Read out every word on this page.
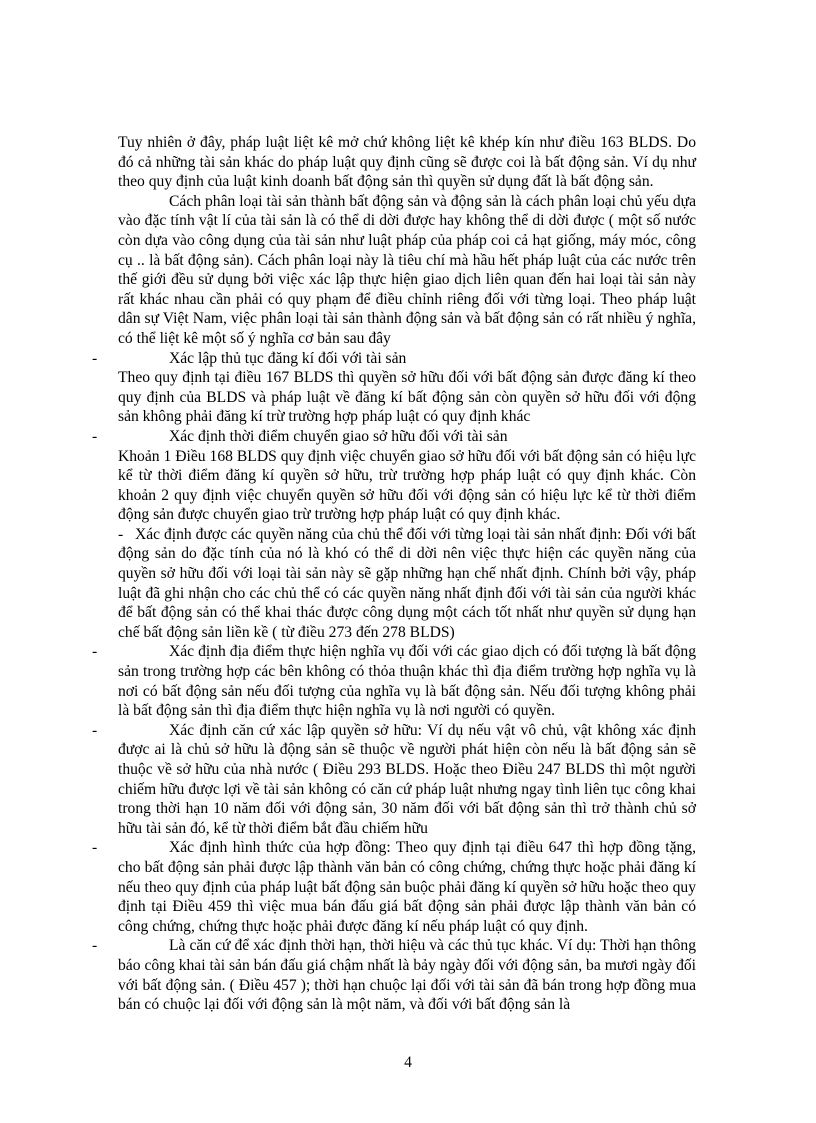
Tuy nhiên ở đây, pháp luật liệt kê mở chứ không liệt kê khép kín như điều 163 BLDS. Do đó cả những tài sản khác do pháp luật quy định cũng sẽ được coi là bất động sản. Ví dụ như theo quy định của luật kinh doanh bất động sản thì quyền sử dụng đất là bất động sản.
Cách phân loại tài sản thành bất động sản và động sản là cách phân loại chủ yếu dựa vào đặc tính vật lí của tài sản là có thể di dời được hay không thể di dời được ( một số nước còn dựa vào công dụng của tài sản như luật pháp của pháp coi cả hạt giống, máy móc, công cụ .. là bất động sản). Cách phân loại này là tiêu chí mà hầu hết pháp luật của các nước trên thế giới đều sử dụng bởi việc xác lập thực hiện giao dịch liên quan đến hai loại tài sản này rất khác nhau cần phải có quy phạm để điều chỉnh riêng đối với từng loại. Theo pháp luật dân sự Việt Nam, việc phân loại tài sản thành động sản và bất động sản có rất nhiều ý nghĩa, có thể liệt kê một số ý nghĩa cơ bản sau đây
-	Xác lập thủ tục đăng kí đối với tài sản
Theo quy định tại điều 167 BLDS thì quyền sở hữu đối với bất động sản được đăng kí theo quy định của BLDS và pháp luật về đăng kí bất động sản còn quyền sở hữu đối với động sản không phải đăng kí trừ trường hợp pháp luật có quy định khác
-	Xác định thời điểm chuyển giao sở hữu đối với tài sản
Khoản 1 Điều 168 BLDS quy định việc chuyển giao sở hữu đối với bất động sản có hiệu lực kể từ thời điểm đăng kí quyền sở hữu, trừ trường hợp pháp luật có quy định khác. Còn khoản 2 quy định việc chuyển quyền sở hữu đối với động sản có hiệu lực kể từ thời điểm động sản được chuyển giao trừ trường hợp pháp luật có quy định khác.
- Xác định được các quyền năng của chủ thể đối với từng loại tài sản nhất định: Đối với bất động sản do đặc tính của nó là khó có thể di dời nên việc thực hiện các quyền năng của quyền sở hữu đối với loại tài sản này sẽ gặp những hạn chế nhất định. Chính bởi vậy, pháp luật đã ghi nhận cho các chủ thể có các quyền năng nhất định đối với tài sản của người khác để bất động sản có thể khai thác được công dụng một cách tốt nhất như quyền sử dụng hạn chế bất động sản liền kề ( từ điều 273 đến 278 BLDS)
-	Xác định địa điểm thực hiện nghĩa vụ đối với các giao dịch có đối tượng là bất động sản trong trường hợp các bên không có thỏa thuận khác thì địa điểm trường hợp nghĩa vụ là nơi có bất động sản nếu đối tượng của nghĩa vụ là bất động sản. Nếu đối tượng không phải là bất động sản thì địa điểm thực hiện nghĩa vụ là nơi người có quyền.
-	Xác định căn cứ xác lập quyền sở hữu: Ví dụ nếu vật vô chủ, vật không xác định được ai là chủ sở hữu là động sản sẽ thuộc về người phát hiện còn nếu là bất động sản sẽ thuộc về sở hữu của nhà nước ( Điều 293 BLDS. Hoặc theo Điều 247 BLDS thì một người chiếm hữu được lợi về tài sản không có căn cứ pháp luật nhưng ngay tình liên tục công khai trong thời hạn 10 năm đối với động sản, 30 năm đối với bất động sản thì trở thành chủ sở hữu tài sản đó, kể từ thời điểm bắt đầu chiếm hữu
-	Xác định hình thức của hợp đồng: Theo quy định tại điều 647 thì hợp đồng tặng, cho bất động sản phải được lập thành văn bản có công chứng, chứng thực hoặc phải đăng kí nếu theo quy định của pháp luật bất động sản buộc phải đăng kí quyền sở hữu hoặc theo quy định tại Điều 459 thì việc mua bán đấu giá bất động sản phải được lập thành văn bản có công chứng, chứng thực hoặc phải được đăng kí nếu pháp luật có quy định.
-	Là căn cứ để xác định thời hạn, thời hiệu và các thủ tục khác. Ví dụ: Thời hạn thông báo công khai tài sản bán đấu giá chậm nhất là bảy ngày đối với động sản, ba mươi ngày đối với bất động sản. ( Điều 457 ); thời hạn chuộc lại đối với tài sản đã bán trong hợp đồng mua bán có chuộc lại đối với động sản là một năm, và đối với bất động sản là
4
